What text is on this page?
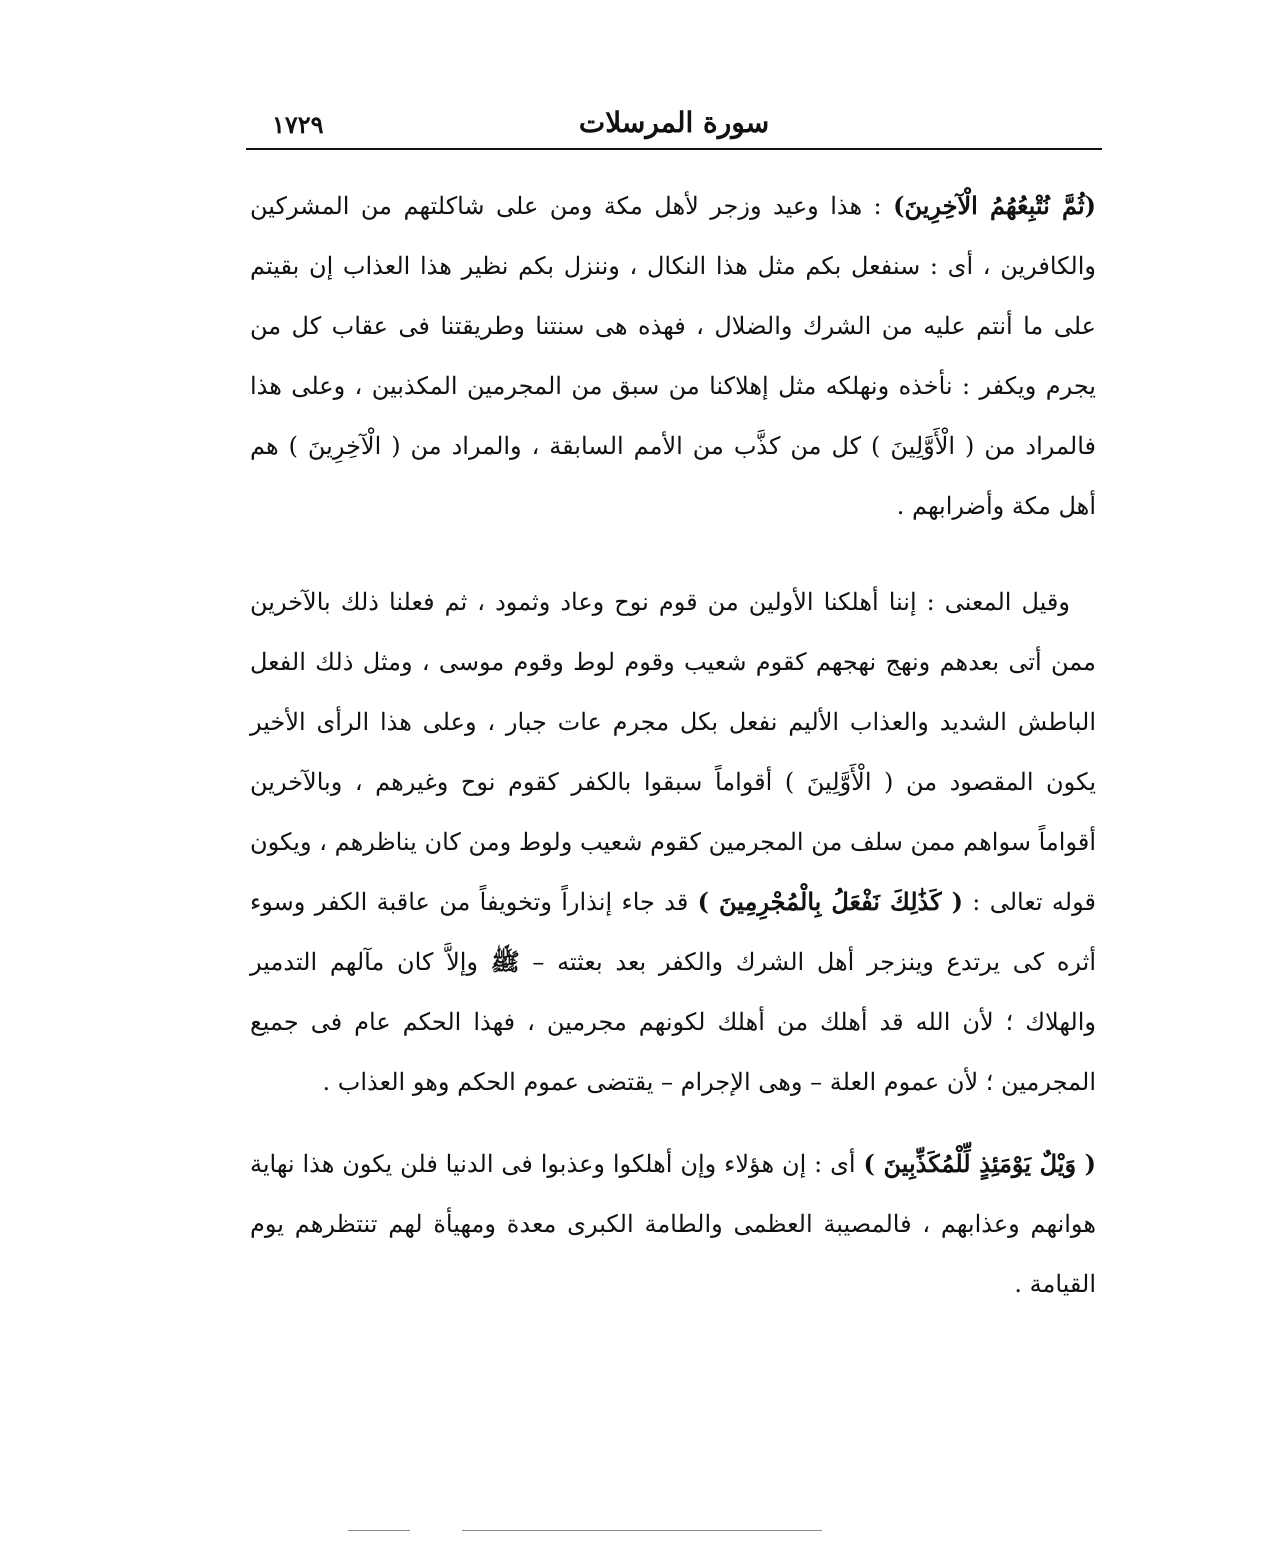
سورة المرسلات
١٧٢٩

(ثُمَّ نُتْبِعُهُمُ الْآخِرِينَ) : هذا وعيد وزجر لأهل مكة ومن على شاكلتهم من المشركين والكافرين ، أى : سنفعل بكم مثل هذا النكال ، وننزل بكم نظير هذا العذاب إن بقيتم على ما أنتم عليه من الشرك والضلال ، فهذه هى سنتنا وطريقتنا فى عقاب كل من يجرم ويكفر : نأخذه ونهلكه مثل إهلاكنا من سبق من المجرمين المكذبين ، وعلى هذا فالمراد من ( الْأَوَّلِينَ ) كل من كذَّب من الأمم السابقة ، والمراد من ( الْآخِرِينَ ) هم أهل مكة وأضرابهم .

وقيل المعنى : إننا أهلكنا الأولين من قوم نوح وعاد وثمود ، ثم فعلنا ذلك بالآخرين ممن أتى بعدهم ونهج نهجهم كقوم شعيب وقوم لوط وقوم موسى ، ومثل ذلك الفعل الباطش الشديد والعذاب الأليم نفعل بكل مجرم عات جبار ، وعلى هذا الرأى الأخير يكون المقصود من ( الْأَوَّلِينَ ) أقواماً سبقوا بالكفر كقوم نوح وغيرهم ، وبالآخرين أقواماً سواهم ممن سلف من المجرمين كقوم شعيب ولوط ومن كان يناظرهم ، ويكون قوله تعالى : ( كَذَٰلِكَ نَفْعَلُ بِالْمُجْرِمِينَ ) قد جاء إنذاراً وتخويفاً من عاقبة الكفر وسوء أثره كى يرتدع وينزجر أهل الشرك والكفر بعد بعثته – ﷺ وإلاَّ كان مآلهم التدمير والهلاك ؛ لأن الله قد أهلك من أهلك لكونهم مجرمين ، فهذا الحكم عام فى جميع المجرمين ؛ لأن عموم العلة – وهى الإجرام – يقتضى عموم الحكم وهو العذاب .

( وَيْلٌ يَوْمَئِذٍ لِّلْمُكَذِّبِينَ ) أى : إن هؤلاء وإن أهلكوا وعذبوا فى الدنيا فلن يكون هذا نهاية هوانهم وعذابهم ، فالمصيبة العظمى والطامة الكبرى معدة ومهيأة لهم تنتظرهم يوم القيامة .
